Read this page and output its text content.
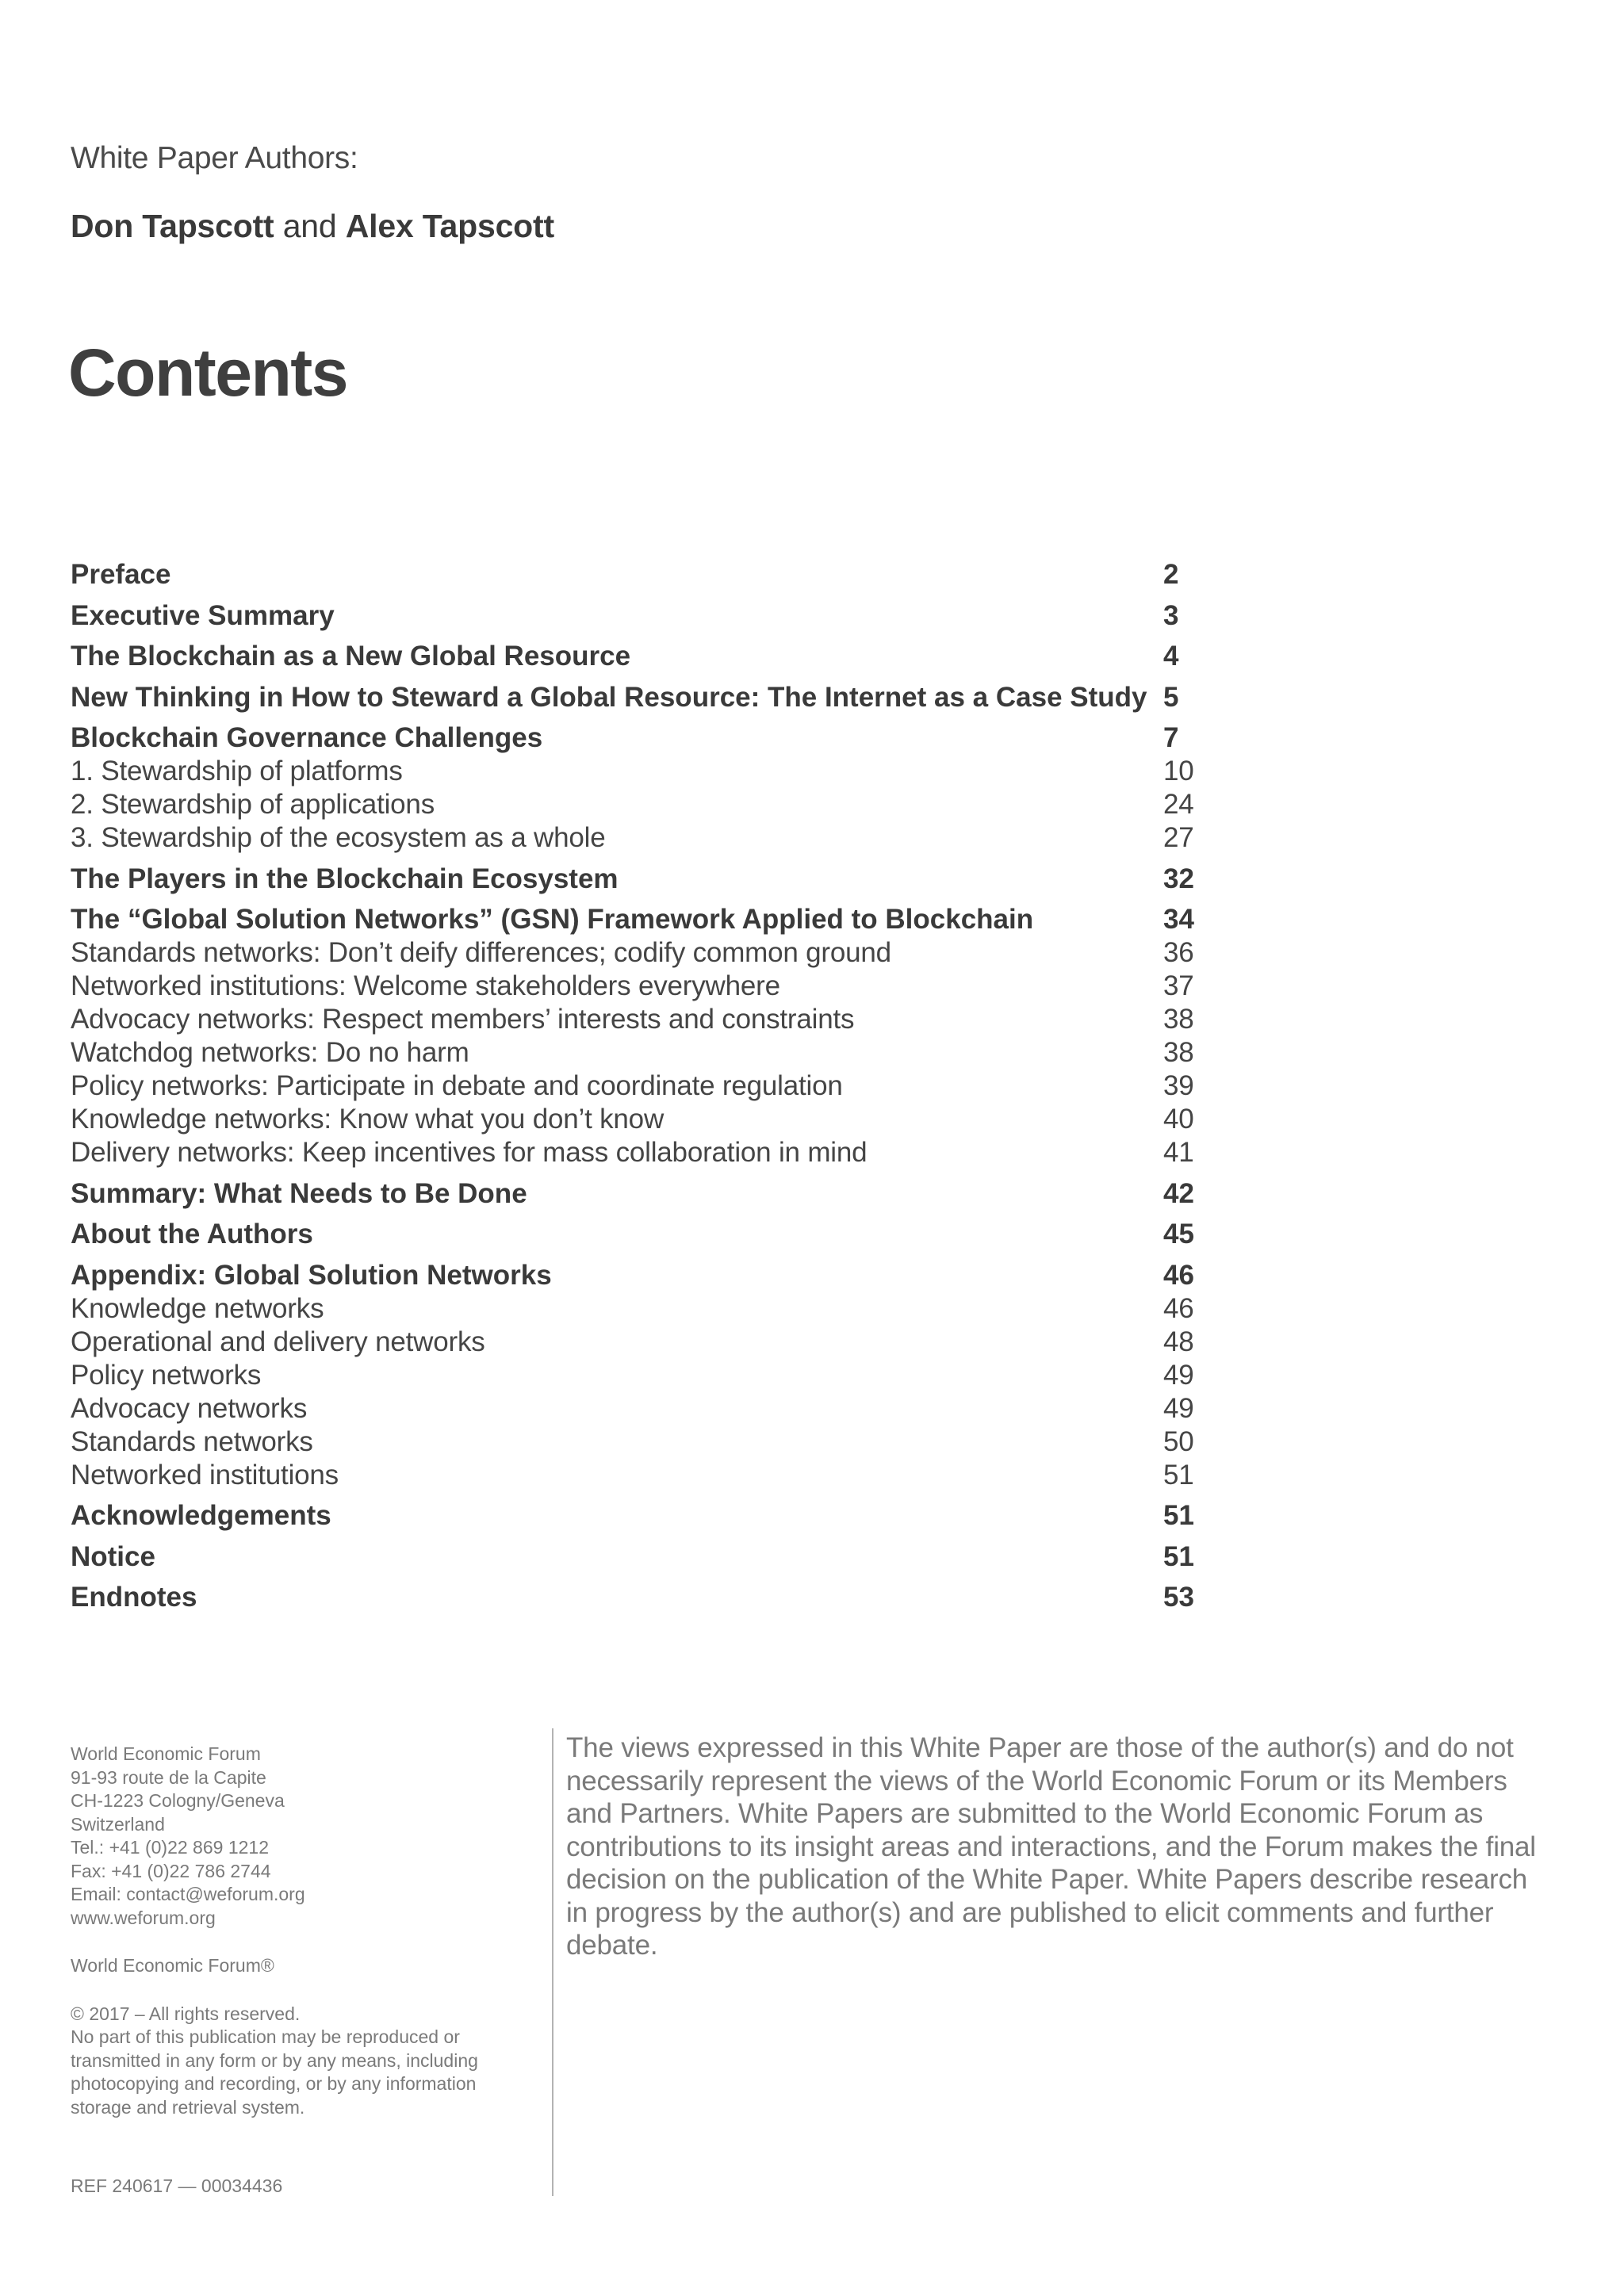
White Paper Authors:
Don Tapscott and Alex Tapscott
Contents
Preface	2
Executive Summary	3
The Blockchain as a New Global Resource	4
New Thinking in How to Steward a Global Resource: The Internet as a Case Study 5
Blockchain Governance Challenges	7
1. Stewardship of platforms	10
2. Stewardship of applications	24
3. Stewardship of the ecosystem as a whole	27
The Players in the Blockchain Ecosystem	32
The “Global Solution Networks” (GSN) Framework Applied to Blockchain	34
Standards networks: Don’t deify differences; codify common ground	36
Networked institutions: Welcome stakeholders everywhere	37
Advocacy networks: Respect members’ interests and constraints	38
Watchdog networks: Do no harm	38
Policy networks: Participate in debate and coordinate regulation	39
Knowledge networks: Know what you don’t know	40
Delivery networks: Keep incentives for mass collaboration in mind	41
Summary: What Needs to Be Done	42
About the Authors	45
Appendix: Global Solution Networks	46
Knowledge networks	46
Operational and delivery networks	48
Policy networks	49
Advocacy networks	49
Standards networks	50
Networked institutions	51
Acknowledgements	51
Notice	51
Endnotes	53
World Economic Forum
91-93 route de la Capite
CH-1223 Cologny/Geneva
Switzerland
Tel.: +41 (0)22 869 1212
Fax: +41 (0)22 786 2744
Email: contact@weforum.org
www.weforum.org
World Economic Forum®
© 2017 – All rights reserved.
No part of this publication may be reproduced or
transmitted in any form or by any means, including
photocopying and recording, or by any information
storage and retrieval system.
REF 240617 — 00034436
The views expressed in this White Paper are those of the author(s) and do not necessarily represent the views of the World Economic Forum or its Members and Partners. White Papers are submitted to the World Economic Forum as contributions to its insight areas and interactions, and the Forum makes the final decision on the publication of the White Paper. White Papers describe research in progress by the author(s) and are published to elicit comments and further debate.
